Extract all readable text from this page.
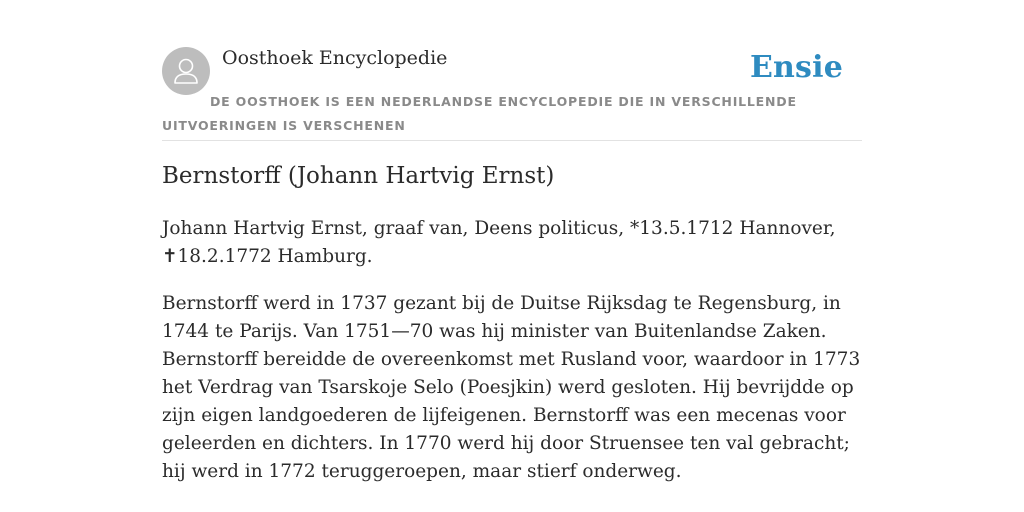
Oosthoek Encyclopedie	Ensie
DE OOSTHOEK IS EEN NEDERLANDSE ENCYCLOPEDIE DIE IN VERSCHILLENDE UITVOERINGEN IS VERSCHENEN
Bernstorff (Johann Hartvig Ernst)

Johann Hartvig Ernst, graaf van, Deens politicus, *13.5.1712 Hannover, ✝18.2.1772 Hamburg.

Bernstorff werd in 1737 gezant bij de Duitse Rijksdag te Regensburg, in 1744 te Parijs. Van 1751—70 was hij minister van Buitenlandse Zaken. Bernstorff bereidde de overeenkomst met Rusland voor, waardoor in 1773 het Verdrag van Tsarskoje Selo (Poesjkin) werd gesloten. Hij bevrijdde op zijn eigen landgoederen de lijfeigenen. Bernstorff was een mecenas voor geleerden en dichters. In 1770 werd hij door Struensee ten val gebracht; hij werd in 1772 teruggeroepen, maar stierf onderweg.
